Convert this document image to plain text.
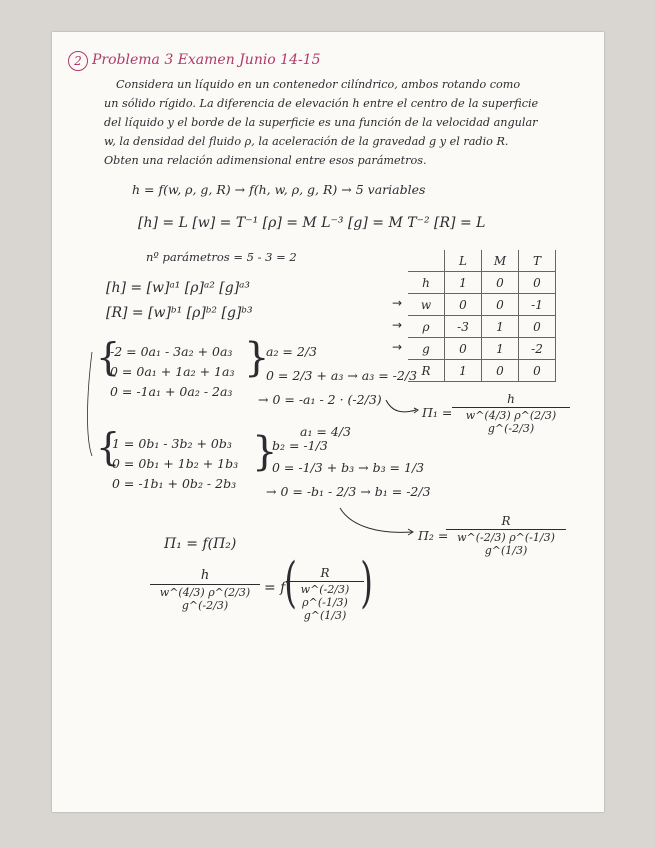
2 Problema 3 Examen Junio 14-15
Considera un líquido en un contenedor cilíndrico, ambos rotando como
un sólido rígido. La diferencia de elevación h entre el centro de la superficie
del líquido y el borde de la superficie es una función de la velocidad angular
w, la densidad del fluido ρ, la aceleración de la gravedad g y el radio R.
Obten una relación adimensional entre esos parámetros.
h = f(w, ρ, g, R) → f(h, w, ρ, g, R) → 5 variables
[h] = L [w] = T⁻¹ [ρ] = M L⁻³ [g] = M T⁻² [R] = L
nº parámetros = 5 - 3 = 2
[h] = [w]ᵃ¹ [ρ]ᵃ² [g]ᵃ³
[R] = [w]ᵇ¹ [ρ]ᵇ² [g]ᵇ³
	L	M	T
h	1	0	0
w	0	0	-1
ρ	-3	1	0
g	0	1	-2
R	1	0	0
→
→
→
{
-2 = 0a₁ - 3a₂ + 0a₃
0 = 0a₁ + 1a₂ + 1a₃
0 = -1a₁ + 0a₂ - 2a₃
}
a₂ = 2/3
0 = 2/3 + a₃ → a₃ = -2/3
→ 0 = -a₁ - 2 · (-2/3)
a₁ = 4/3
Π₁ =
h
w^(4/3) ρ^(2/3) g^(-2/3)
{
1 = 0b₁ - 3b₂ + 0b₃
0 = 0b₁ + 1b₂ + 1b₃
0 = -1b₁ + 0b₂ - 2b₃
}
b₂ = -1/3
0 = -1/3 + b₃ → b₃ = 1/3
→ 0 = -b₁ - 2/3 → b₁ = -2/3
Π₂ =
R
w^(-2/3) ρ^(-1/3) g^(1/3)
Π₁ = f(Π₂)
h
w^(4/3) ρ^(2/3) g^(-2/3)
= f
(	R
w^(-2/3) ρ^(-1/3) g^(1/3)
)
